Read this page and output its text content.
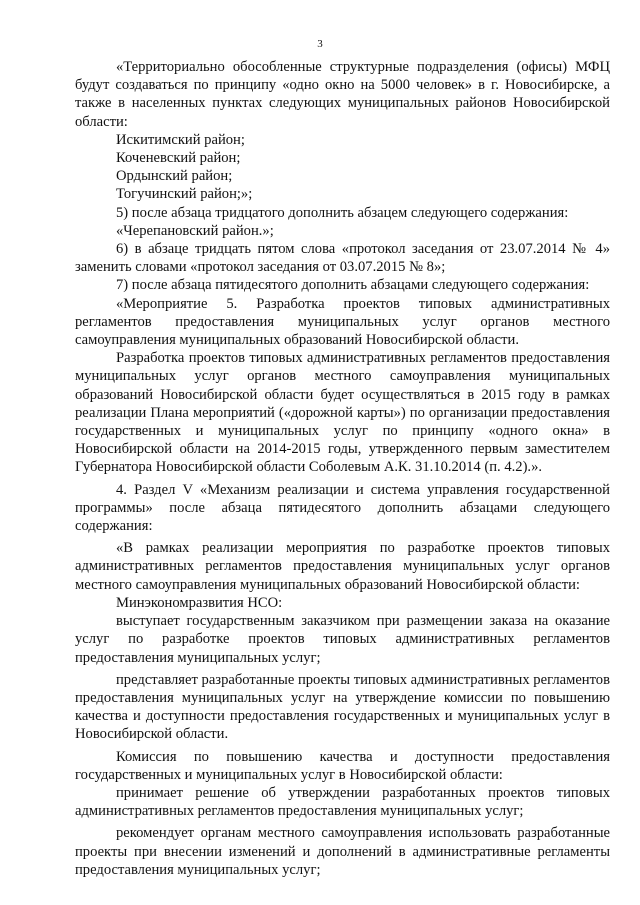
3

«Территориально обособленные структурные подразделения (офисы) МФЦ будут создаваться по принципу «одно окно на 5000 человек» в г. Новосибирске, а также в населенных пунктах следующих муниципальных районов Новосибирской области:

Искитимский район;

Коченевский район;

Ордынский район;

Тогучинский район;»;

5) после абзаца тридцатого дополнить абзацем следующего содержания:

«Черепановский район.»;

6) в абзаце тридцать пятом слова «протокол заседания от 23.07.2014 № 4» заменить словами «протокол заседания от 03.07.2015 № 8»;

7) после абзаца пятидесятого дополнить абзацами следующего содержания:

«Мероприятие 5. Разработка проектов типовых административных регламентов предоставления муниципальных услуг органов местного самоуправления муниципальных образований Новосибирской области.

Разработка проектов типовых административных регламентов предоставления муниципальных услуг органов местного самоуправления муниципальных образований Новосибирской области будет осуществляться в 2015 году в рамках реализации Плана мероприятий («дорожной карты») по организации предоставления государственных и муниципальных услуг по принципу «одного окна» в Новосибирской области на 2014-2015 годы, утвержденного первым заместителем Губернатора Новосибирской области Соболевым А.К. 31.10.2014 (п. 4.2).».

4. Раздел V «Механизм реализации и система управления государственной программы» после абзаца пятидесятого дополнить абзацами следующего содержания:

«В рамках реализации мероприятия по разработке проектов типовых административных регламентов предоставления муниципальных услуг органов местного самоуправления муниципальных образований Новосибирской области:

Минэкономразвития НСО:

выступает государственным заказчиком при размещении заказа на оказание услуг по разработке проектов типовых административных регламентов предоставления муниципальных услуг;

представляет разработанные проекты типовых административных регламентов предоставления муниципальных услуг на утверждение комиссии по повышению качества и доступности предоставления государственных и муниципальных услуг в Новосибирской области.

Комиссия по повышению качества и доступности предоставления государственных и муниципальных услуг в Новосибирской области:

принимает решение об утверждении разработанных проектов типовых административных регламентов предоставления муниципальных услуг;

рекомендует органам местного самоуправления использовать разработанные проекты при внесении изменений и дополнений в административные регламенты предоставления муниципальных услуг;
